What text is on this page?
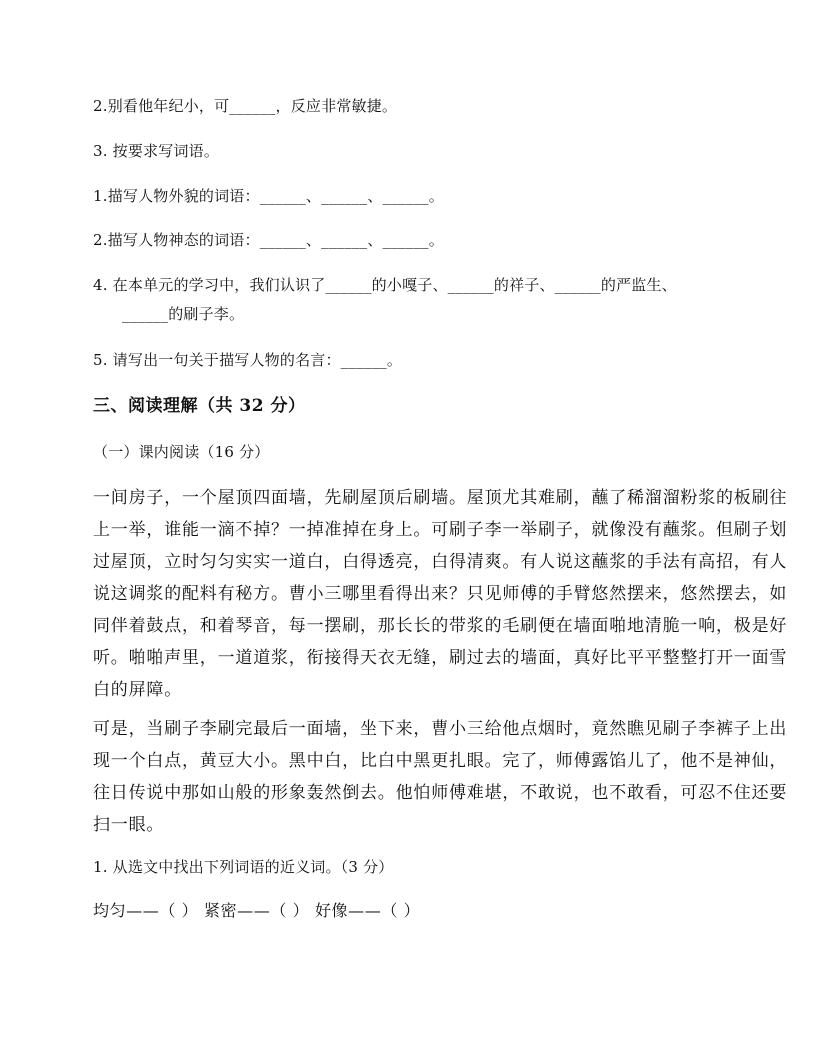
2.别看他年纪小，可______，反应非常敏捷。
3. 按要求写词语。
1.描写人物外貌的词语：______、______、______。
2.描写人物神态的词语：______、______、______。
4. 在本单元的学习中，我们认识了______的小嘎子、______的祥子、______的严监生、
______的刷子李。
5. 请写出一句关于描写人物的名言：______。
三、阅读理解（共 32 分）
（一）课内阅读（16 分）
一间房子，一个屋顶四面墙，先刷屋顶后刷墙。屋顶尤其难刷，蘸了稀溜溜粉浆的板刷往
上一举，谁能一滴不掉？一掉准掉在身上。可刷子李一举刷子，就像没有蘸浆。但刷子划
过屋顶，立时匀匀实实一道白，白得透亮，白得清爽。有人说这蘸浆的手法有高招，有人
说这调浆的配料有秘方。曹小三哪里看得出来？只见师傅的手臂悠然摆来，悠然摆去，如
同伴着鼓点，和着琴音，每一摆刷，那长长的带浆的毛刷便在墙面啪地清脆一响，极是好
听。啪啪声里，一道道浆，衔接得天衣无缝，刷过去的墙面，真好比平平整整打开一面雪
白的屏障。
可是，当刷子李刷完最后一面墙，坐下来，曹小三给他点烟时，竟然瞧见刷子李裤子上出
现一个白点，黄豆大小。黑中白，比白中黑更扎眼。完了，师傅露馅儿了，他不是神仙，
往日传说中那如山般的形象轰然倒去。他怕师傅难堪，不敢说，也不敢看，可忍不住还要
扫一眼。
1. 从选文中找出下列词语的近义词。（3 分）
均匀——（ ） 紧密——（ ） 好像——（ ）
